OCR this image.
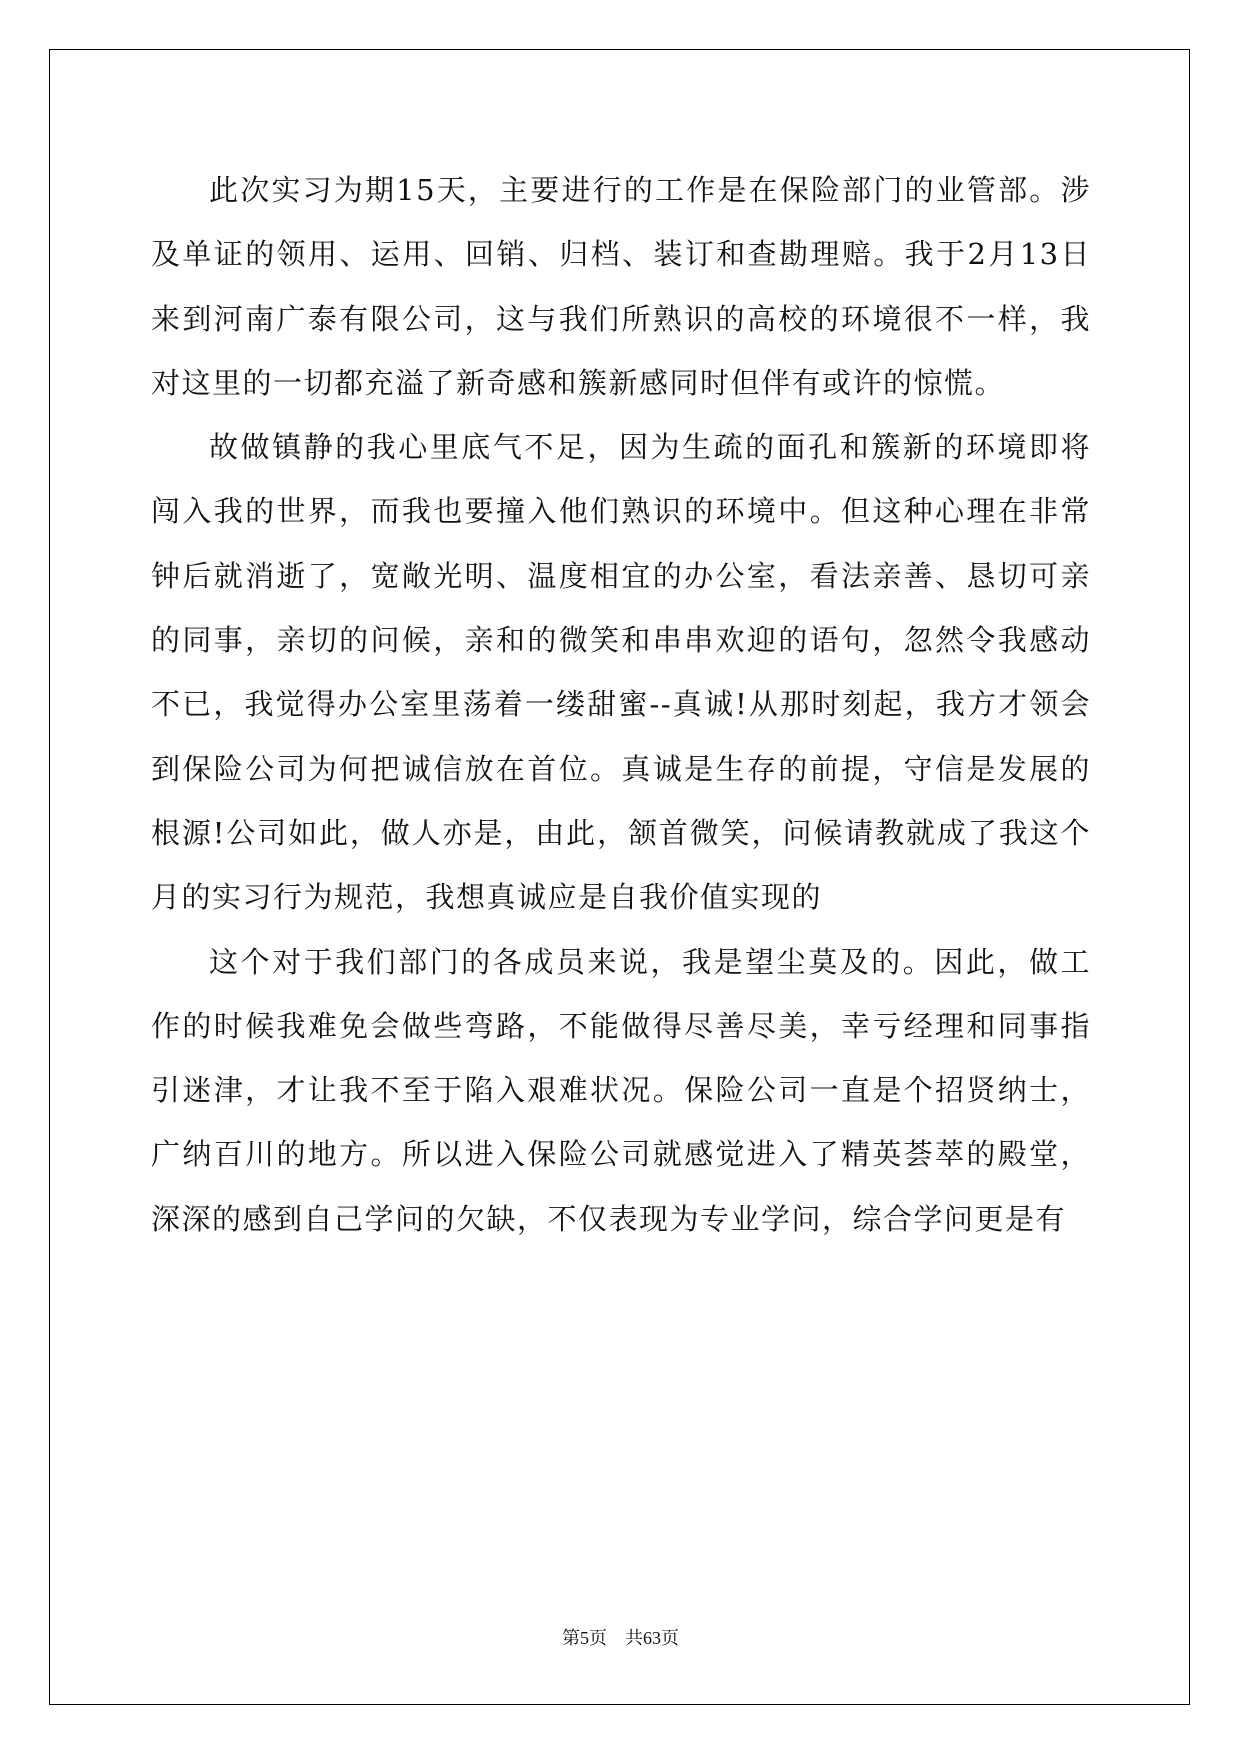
此次实习为期15天，主要进行的工作是在保险部门的业管部。涉及单证的领用、运用、回销、归档、装订和查勘理赔。我于2月13日来到河南广泰有限公司，这与我们所熟识的高校的环境很不一样，我对这里的一切都充溢了新奇感和簇新感同时但伴有或许的惊慌。

故做镇静的我心里底气不足，因为生疏的面孔和簇新的环境即将闯入我的世界，而我也要撞入他们熟识的环境中。但这种心理在非常钟后就消逝了，宽敞光明、温度相宜的办公室，看法亲善、恳切可亲的同事，亲切的问候，亲和的微笑和串串欢迎的语句，忽然令我感动不已，我觉得办公室里荡着一缕甜蜜--真诚!从那时刻起，我方才领会到保险公司为何把诚信放在首位。真诚是生存的前提，守信是发展的根源!公司如此，做人亦是，由此，颔首微笑，问候请教就成了我这个月的实习行为规范，我想真诚应是自我价值实现的

这个对于我们部门的各成员来说，我是望尘莫及的。因此，做工作的时候我难免会做些弯路，不能做得尽善尽美，幸亏经理和同事指引迷津，才让我不至于陷入艰难状况。保险公司一直是个招贤纳士，广纳百川的地方。所以进入保险公司就感觉进入了精英荟萃的殿堂，深深的感到自己学问的欠缺，不仅表现为专业学问，综合学问更是有

第5页 共63页
